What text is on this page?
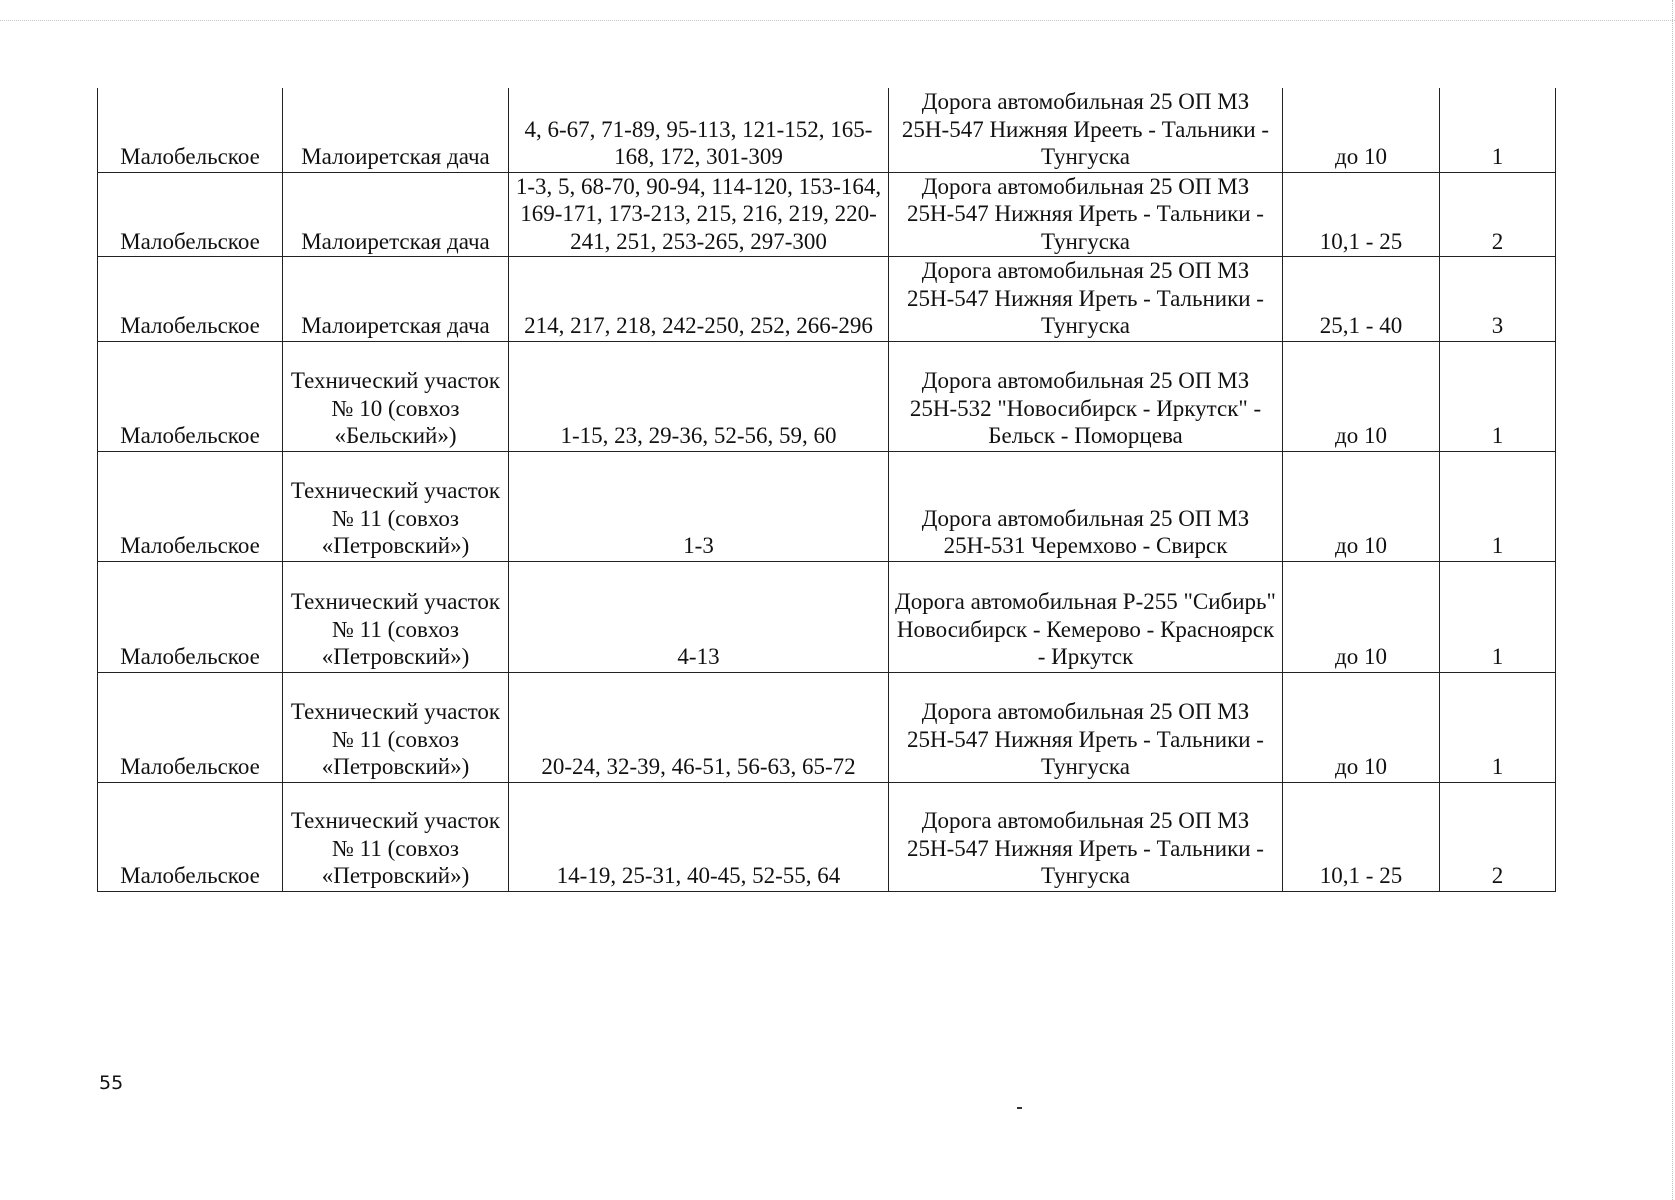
Малобельское	Малоиретская дача	4, 6-67, 71-89, 95-113, 121-152, 165-168, 172, 301-309	Дорога автомобильная 25 ОП МЗ 25Н-547 Нижняя Ирееть - Тальники - Тунгуска	до 10	1
Малобельское	Малоиретская дача	1-3, 5, 68-70, 90-94, 114-120, 153-164, 169-171, 173-213, 215, 216, 219, 220-241, 251, 253-265, 297-300	Дорога автомобильная 25 ОП МЗ 25Н-547 Нижняя Иреть - Тальники - Тунгуска	10,1 - 25	2
Малобельское	Малоиретская дача	214, 217, 218, 242-250, 252, 266-296	Дорога автомобильная 25 ОП МЗ 25Н-547 Нижняя Иреть - Тальники - Тунгуска	25,1 - 40	3
Малобельское	Технический участок № 10 (совхоз «Бельский»)	1-15, 23, 29-36, 52-56, 59, 60	Дорога автомобильная 25 ОП МЗ 25Н-532 "Новосибирск - Иркутск" - Бельск - Поморцева	до 10	1
Малобельское	Технический участок № 11 (совхоз «Петровский»)	1-3	Дорога автомобильная 25 ОП МЗ 25Н-531 Черемхово - Свирск	до 10	1
Малобельское	Технический участок № 11 (совхоз «Петровский»)	4-13	Дорога автомобильная Р-255 "Сибирь" Новосибирск - Кемерово - Красноярск - Иркутск	до 10	1
Малобельское	Технический участок № 11 (совхоз «Петровский»)	20-24, 32-39, 46-51, 56-63, 65-72	Дорога автомобильная 25 ОП МЗ 25Н-547 Нижняя Иреть - Тальники - Тунгуска	до 10	1
Малобельское	Технический участок № 11 (совхоз «Петровский»)	14-19, 25-31, 40-45, 52-55, 64	Дорога автомобильная 25 ОП МЗ 25Н-547 Нижняя Иреть - Тальники - Тунгуска	10,1 - 25	2
55
